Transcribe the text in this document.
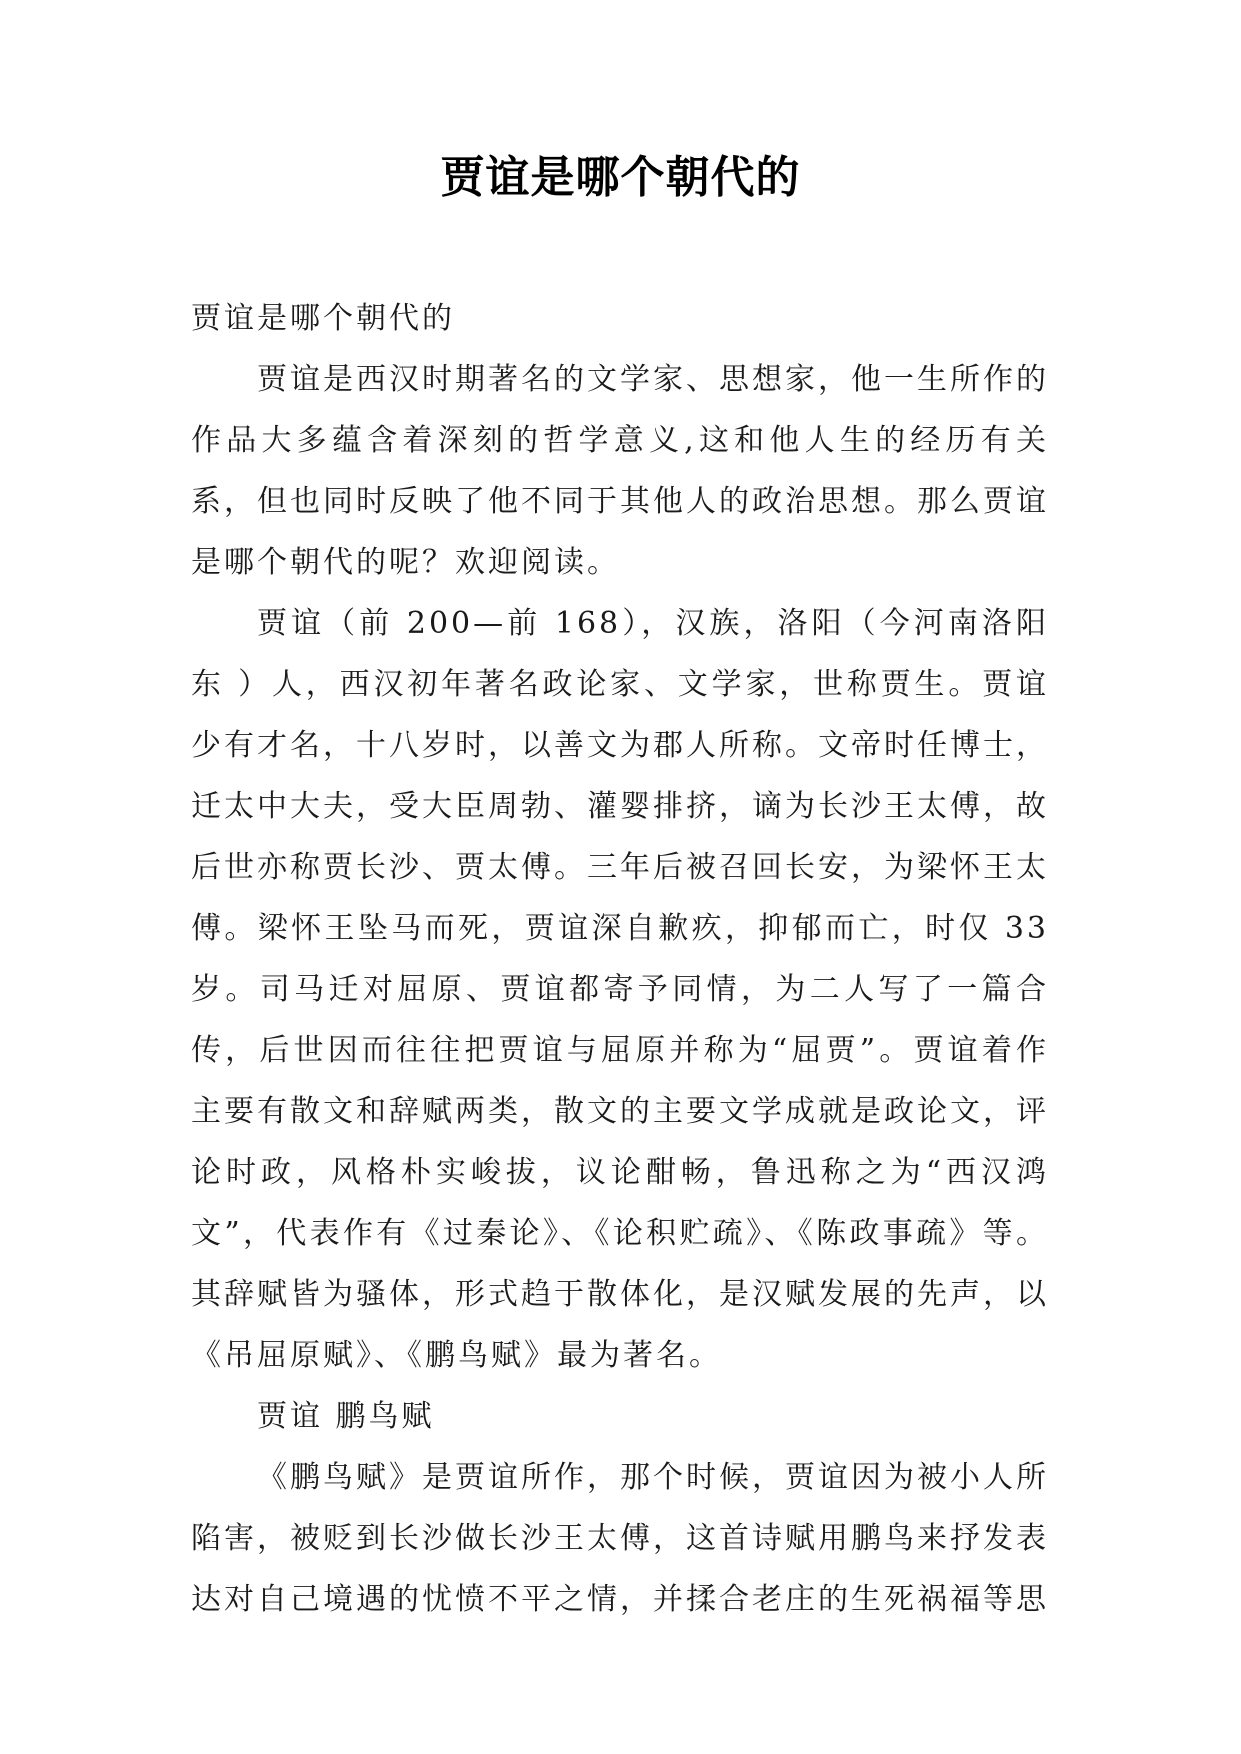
贾谊是哪个朝代的

贾谊是哪个朝代的

贾谊是西汉时期著名的文学家、思想家，他一生所作的作品大多蕴含着深刻的哲学意义,这和他人生的经历有关系，但也同时反映了他不同于其他人的政治思想。那么贾谊是哪个朝代的呢？欢迎阅读。

贾谊（前 200—前 168），汉族，洛阳（今河南洛阳东 ）人，西汉初年著名政论家、文学家，世称贾生。贾谊少有才名，十八岁时，以善文为郡人所称。文帝时任博士，迁太中大夫，受大臣周勃、灌婴排挤，谪为长沙王太傅，故后世亦称贾长沙、贾太傅。三年后被召回长安，为梁怀王太傅。梁怀王坠马而死，贾谊深自歉疚，抑郁而亡，时仅 33 岁。司马迁对屈原、贾谊都寄予同情，为二人写了一篇合传，后世因而往往把贾谊与屈原并称为“屈贾”。贾谊着作主要有散文和辞赋两类，散文的主要文学成就是政论文，评论时政，风格朴实峻拔，议论酣畅，鲁迅称之为“西汉鸿文”，代表作有《过秦论》、《论积贮疏》、《陈政事疏》等。其辞赋皆为骚体，形式趋于散体化，是汉赋发展的先声，以《吊屈原赋》、《鹏鸟赋》最为著名。

贾谊 鹏鸟赋

《鹏鸟赋》是贾谊所作，那个时候，贾谊因为被小人所陷害，被贬到长沙做长沙王太傅，这首诗赋用鹏鸟来抒发表达对自己境遇的忧愤不平之情，并揉合老庄的生死祸福等思
